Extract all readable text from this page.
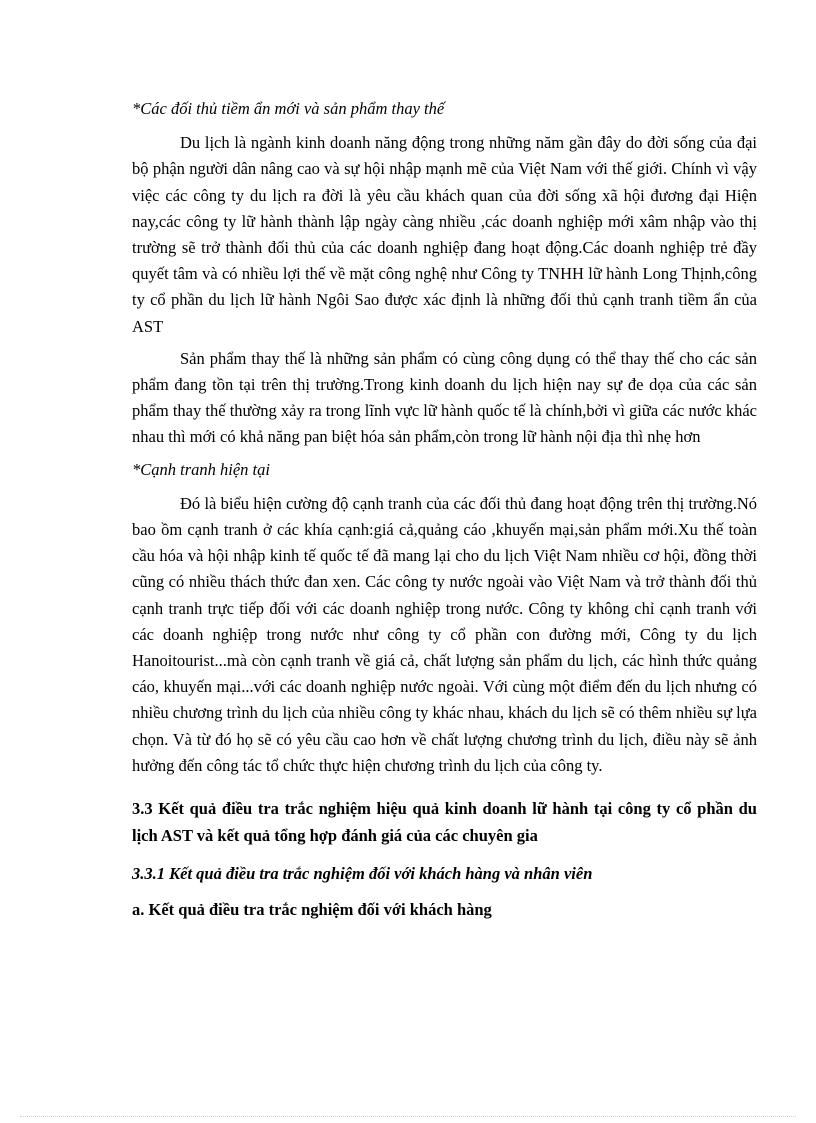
*Các đối thủ tiềm ẩn mới và sản phẩm thay thế

Du lịch là ngành kinh doanh năng động trong những năm gần đây do đời sống của đại bộ phận người dân nâng cao và sự hội nhập mạnh mẽ của Việt Nam với thế giới. Chính vì vậy việc các công ty du lịch ra đời là yêu cầu khách quan của đời sống xã hội đương đại Hiện nay,các công ty lữ hành thành lập ngày càng nhiều ,các doanh nghiệp mới xâm nhập vào thị trường sẽ trở thành đối thủ của các doanh nghiệp đang hoạt động.Các doanh nghiệp trẻ đầy quyết tâm và có nhiều lợi thế về mặt công nghệ như Công ty TNHH lữ hành Long Thịnh,công ty cổ phần du lịch lữ hành Ngôi Sao được xác định là những đối thủ cạnh tranh tiềm ẩn của AST

Sản phẩm thay thế là những sản phẩm có cùng công dụng có thể thay thế cho các sản phẩm đang tồn tại trên thị trường.Trong kinh doanh du lịch hiện nay sự đe dọa của các sản phẩm thay thế thường xảy ra trong lĩnh vực lữ hành quốc tế là chính,bởi vì giữa các nước khác nhau thì mới có khả năng pan biệt hóa sản phẩm,còn trong lữ hành nội địa thì nhẹ hơn

*Cạnh tranh hiện tại

Đó là biểu hiện cường độ cạnh tranh của các đối thủ đang hoạt động trên thị trường.Nó bao ồm cạnh tranh ở các khía cạnh:giá cả,quảng cáo ,khuyến mại,sản phẩm mới.Xu thế toàn cầu hóa và hội nhập kinh tế quốc tế đã mang lại cho du lịch Việt Nam nhiều cơ hội, đồng thời cũng có nhiều thách thức đan xen. Các công ty nước ngoài vào Việt Nam và trở thành đối thủ cạnh tranh trực tiếp đối với các doanh nghiệp trong nước. Công ty không chỉ cạnh tranh với các doanh nghiệp trong nước như công ty cổ phần con đường mới, Công ty du lịch Hanoitourist...mà còn cạnh tranh về giá cả, chất lượng sản phẩm du lịch, các hình thức quảng cáo, khuyến mại...với các doanh nghiệp nước ngoài. Với cùng một điểm đến du lịch nhưng có nhiều chương trình du lịch của nhiều công ty khác nhau, khách du lịch sẽ có thêm nhiều sự lựa chọn. Và từ đó họ sẽ có yêu cầu cao hơn về chất lượng chương trình du lịch, điều này sẽ ảnh hưởng đến công tác tổ chức thực hiện chương trình du lịch của công ty.

3.3 Kết quả điều tra trắc nghiệm hiệu quả kinh doanh lữ hành tại công ty cổ phần du lịch AST và kết quả tổng hợp đánh giá của các chuyên gia

3.3.1 Kết quả điều tra trắc nghiệm đối với khách hàng và nhân viên

a. Kết quả điều tra trắc nghiệm đối với khách hàng
